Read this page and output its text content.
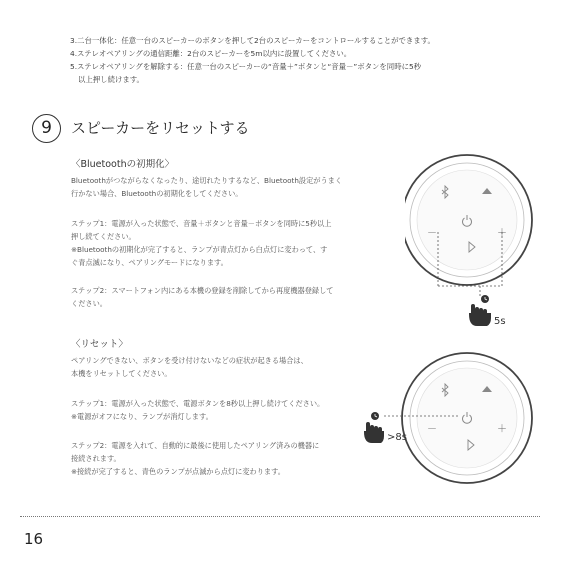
3.二台一体化：任意一台のスピーカーのボタンを押して2台のスピーカーをコントロールすることができます。
4.ステレオペアリングの通信距離：2台のスピーカーを5m以内に設置してください。
5.ステレオペアリングを解除する：任意一台のスピーカーの“音量＋”ボタンと“音量－”ボタンを同時に5秒
以上押し続けます。
9	スピーカーをリセットする
〈Bluetoothの初期化〉
Bluetoothがつながらなくなったり、途切れたりするなど、Bluetooth設定がうまく
行かない場合、Bluetoothの初期化をしてください。
ステップ1：電源が入った状態で、音量＋ボタンと音量－ボタンを同時に5秒以上
押し続てください。
※Bluetoothの初期化が完了すると、ランプが青点灯から白点灯に変わって、す
ぐ青点滅になり、ペアリングモードになります。
ステップ2：スマートフォン内にある本機の登録を削除してから再度機器登録して
ください。
〈リセット〉
ペアリングできない、ボタンを受け付けないなどの症状が起きる場合は、
本機をリセットしてください。
ステップ1：電源が入った状態で、電源ボタンを8秒以上押し続けてください。
※電源がオフになり、ランプが消灯します。
ステップ2：電源を入れて、自動的に最後に使用したペアリング済みの機器に
接続されます。
※接続が完了すると、青色のランプが点滅から点灯に変わります。
－	＋
5s
－	＋
>8s
16
